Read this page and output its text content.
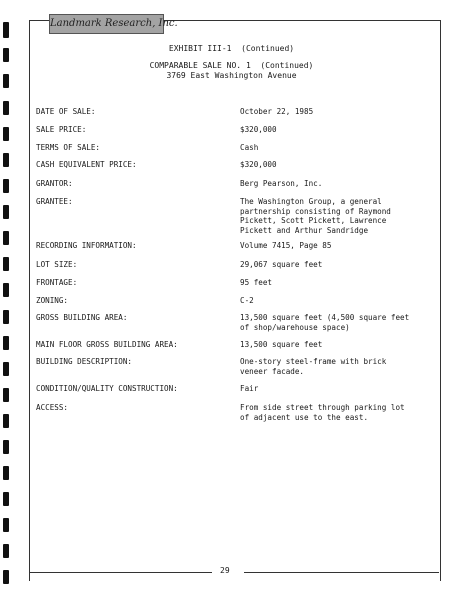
Landmark Research, Inc.
EXHIBIT III-1  (Continued)
COMPARABLE SALE NO. 1  (Continued)
3769 East Washington Avenue
DATE OF SALE:	October 22, 1985
SALE PRICE:	$320,000
TERMS OF SALE:	Cash
CASH EQUIVALENT PRICE:	$320,000
GRANTOR:	Berg Pearson, Inc.
GRANTEE:	The Washington Group, a general partnership consisting of Raymond Pickett, Scott Pickett, Lawrence Pickett and Arthur Sandridge
RECORDING INFORMATION:	Volume 7415, Page 85
LOT SIZE:	29,067 square feet
FRONTAGE:	95 feet
ZONING:	C-2
GROSS BUILDING AREA:	13,500 square feet (4,500 square feet of shop/warehouse space)
MAIN FLOOR GROSS BUILDING AREA:	13,500 square feet
BUILDING DESCRIPTION:	One-story steel-frame with brick veneer facade.
CONDITION/QUALITY CONSTRUCTION:	Fair
ACCESS:	From side street through parking lot of adjacent use to the east.
29
